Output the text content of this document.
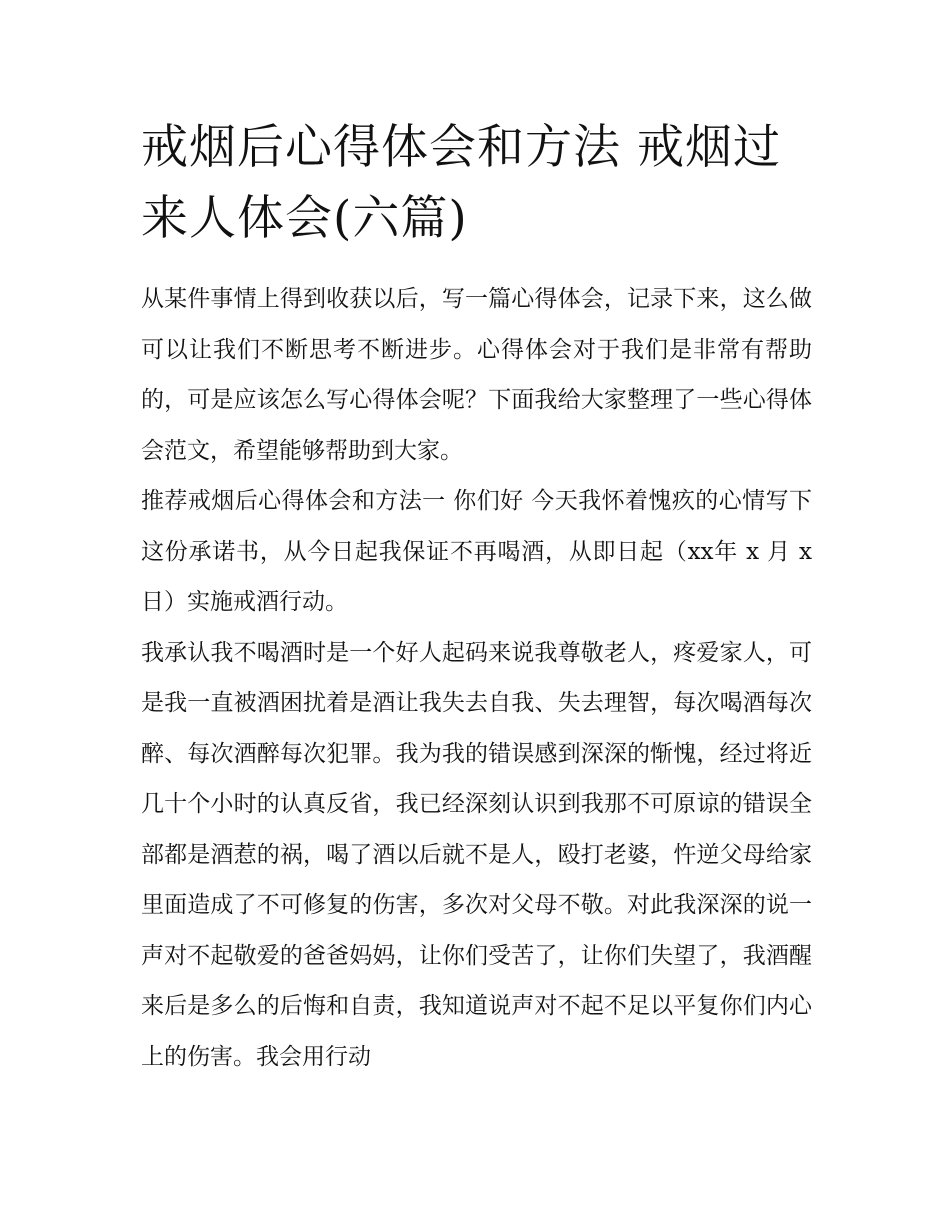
戒烟后心得体会和方法 戒烟过来人体会(六篇)

从某件事情上得到收获以后，写一篇心得体会，记录下来，这么做可以让我们不断思考不断进步。心得体会对于我们是非常有帮助的，可是应该怎么写心得体会呢？下面我给大家整理了一些心得体会范文，希望能够帮助到大家。

推荐戒烟后心得体会和方法一 你们好 今天我怀着愧疚的心情写下这份承诺书，从今日起我保证不再喝酒，从即日起（xx年 x 月 x 日）实施戒酒行动。

我承认我不喝酒时是一个好人起码来说我尊敬老人，疼爱家人，可是我一直被酒困扰着是酒让我失去自我、失去理智，每次喝酒每次醉、每次酒醉每次犯罪。我为我的错误感到深深的惭愧，经过将近几十个小时的认真反省，我已经深刻认识到我那不可原谅的错误全部都是酒惹的祸，喝了酒以后就不是人，殴打老婆，忤逆父母给家里面造成了不可修复的伤害，多次对父母不敬。对此我深深的说一声对不起敬爱的爸爸妈妈，让你们受苦了，让你们失望了，我酒醒来后是多么的后悔和自责，我知道说声对不起不足以平复你们内心上的伤害。我会用行动
